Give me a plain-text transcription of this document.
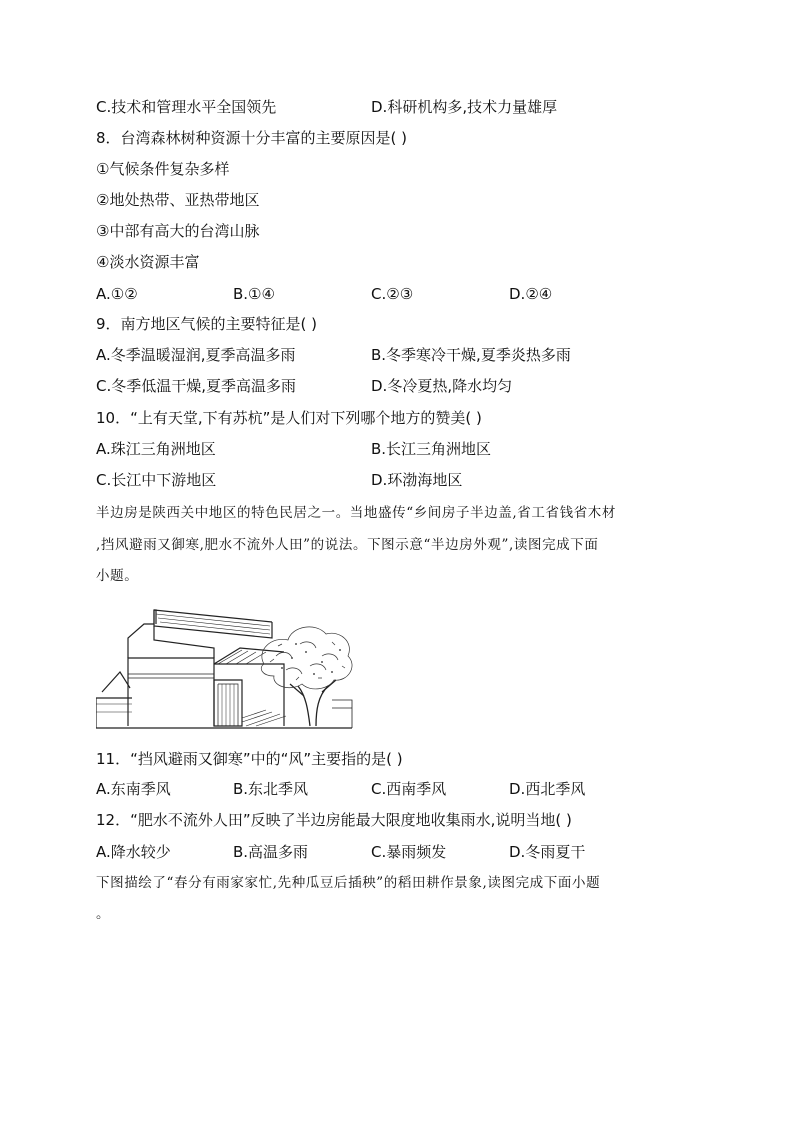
C.技术和管理水平全国领先	D.科研机构多,技术力量雄厚
8．台湾森林树种资源十分丰富的主要原因是( )
①气候条件复杂多样
②地处热带、亚热带地区
③中部有高大的台湾山脉
④淡水资源丰富
A.①②	B.①④	C.②③	D.②④
9．南方地区气候的主要特征是( )
A.冬季温暖湿润,夏季高温多雨	B.冬季寒冷干燥,夏季炎热多雨
C.冬季低温干燥,夏季高温多雨	D.冬冷夏热,降水均匀
10．“上有天堂,下有苏杭”是人们对下列哪个地方的赞美( )
A.珠江三角洲地区	B.长江三角洲地区
C.长江中下游地区	D.环渤海地区
半边房是陕西关中地区的特色民居之一。当地盛传“乡间房子半边盖,省工省钱省木材
,挡风避雨又御寒,肥水不流外人田”的说法。下图示意“半边房外观”,读图完成下面
小题。
11．“挡风避雨又御寒”中的“风”主要指的是( )
A.东南季风	B.东北季风	C.西南季风	D.西北季风
12．“肥水不流外人田”反映了半边房能最大限度地收集雨水,说明当地( )
A.降水较少	B.高温多雨	C.暴雨频发	D.冬雨夏干
下图描绘了“春分有雨家家忙,先种瓜豆后插秧”的稻田耕作景象,读图完成下面小题
。
